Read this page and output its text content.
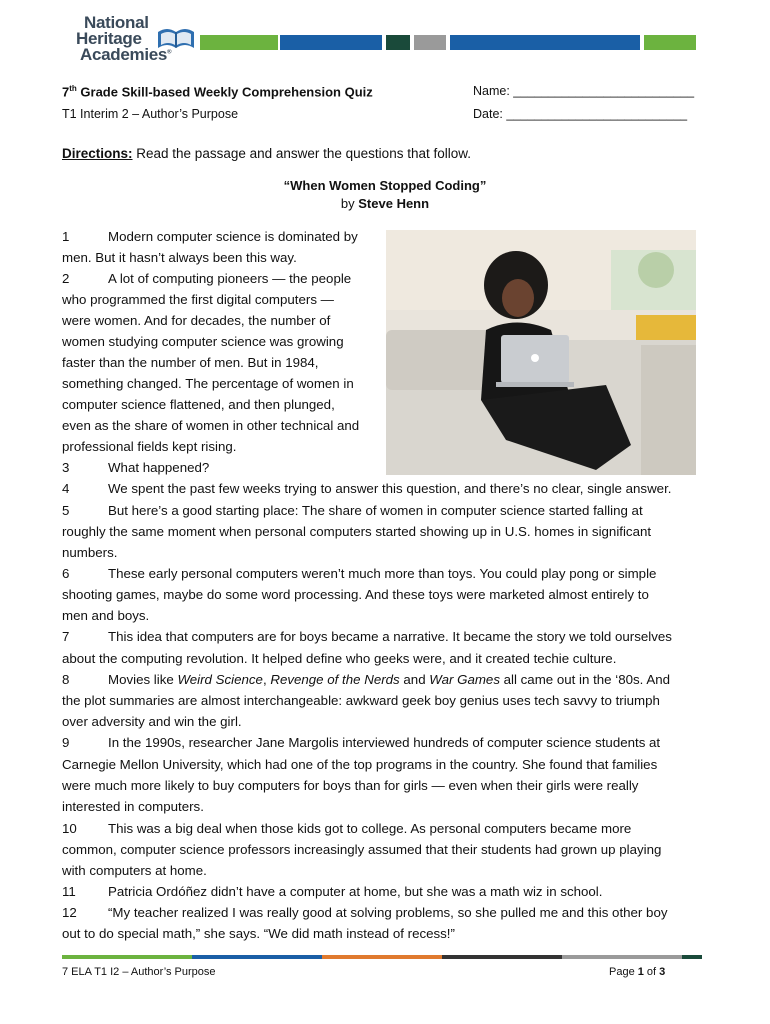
National
Heritage
Academies®
7th Grade Skill-based Weekly Comprehension Quiz
T1 Interim 2 – Author’s Purpose
Name: __________________________
Date: __________________________
Directions: Read the passage and answer the questions that follow.
“When Women Stopped Coding”
by Steve Henn
1	Modern computer science is dominated by
men. But it hasn’t always been this way.
2	A lot of computing pioneers — the people
who programmed the first digital computers —
were women. And for decades, the number of
women studying computer science was growing
faster than the number of men. But in 1984,
something changed. The percentage of women in
computer science flattened, and then plunged,
even as the share of women in other technical and
professional fields kept rising.
3	What happened?
4	We spent the past few weeks trying to answer this question, and there’s no clear, single answer.
5	But here’s a good starting place: The share of women in computer science started falling at
roughly the same moment when personal computers started showing up in U.S. homes in significant
numbers.
6	These early personal computers weren’t much more than toys. You could play pong or simple
shooting games, maybe do some word processing. And these toys were marketed almost entirely to
men and boys.
7	This idea that computers are for boys became a narrative. It became the story we told ourselves
about the computing revolution. It helped define who geeks were, and it created techie culture.
8	Movies like Weird Science, Revenge of the Nerds and War Games all came out in the ‘80s. And
the plot summaries are almost interchangeable: awkward geek boy genius uses tech savvy to triumph
over adversity and win the girl.
9	In the 1990s, researcher Jane Margolis interviewed hundreds of computer science students at
Carnegie Mellon University, which had one of the top programs in the country. She found that families
were much more likely to buy computers for boys than for girls — even when their girls were really
interested in computers.
10 This was a big deal when those kids got to college. As personal computers became more
common, computer science professors increasingly assumed that their students had grown up playing
with computers at home.
11 Patricia Ordóñez didn’t have a computer at home, but she was a math wiz in school.
12 “My teacher realized I was really good at solving problems, so she pulled me and this other boy
out to do special math,” she says. “We did math instead of recess!”
7 ELA T1 I2 – Author’s Purpose	Page 1 of 3
